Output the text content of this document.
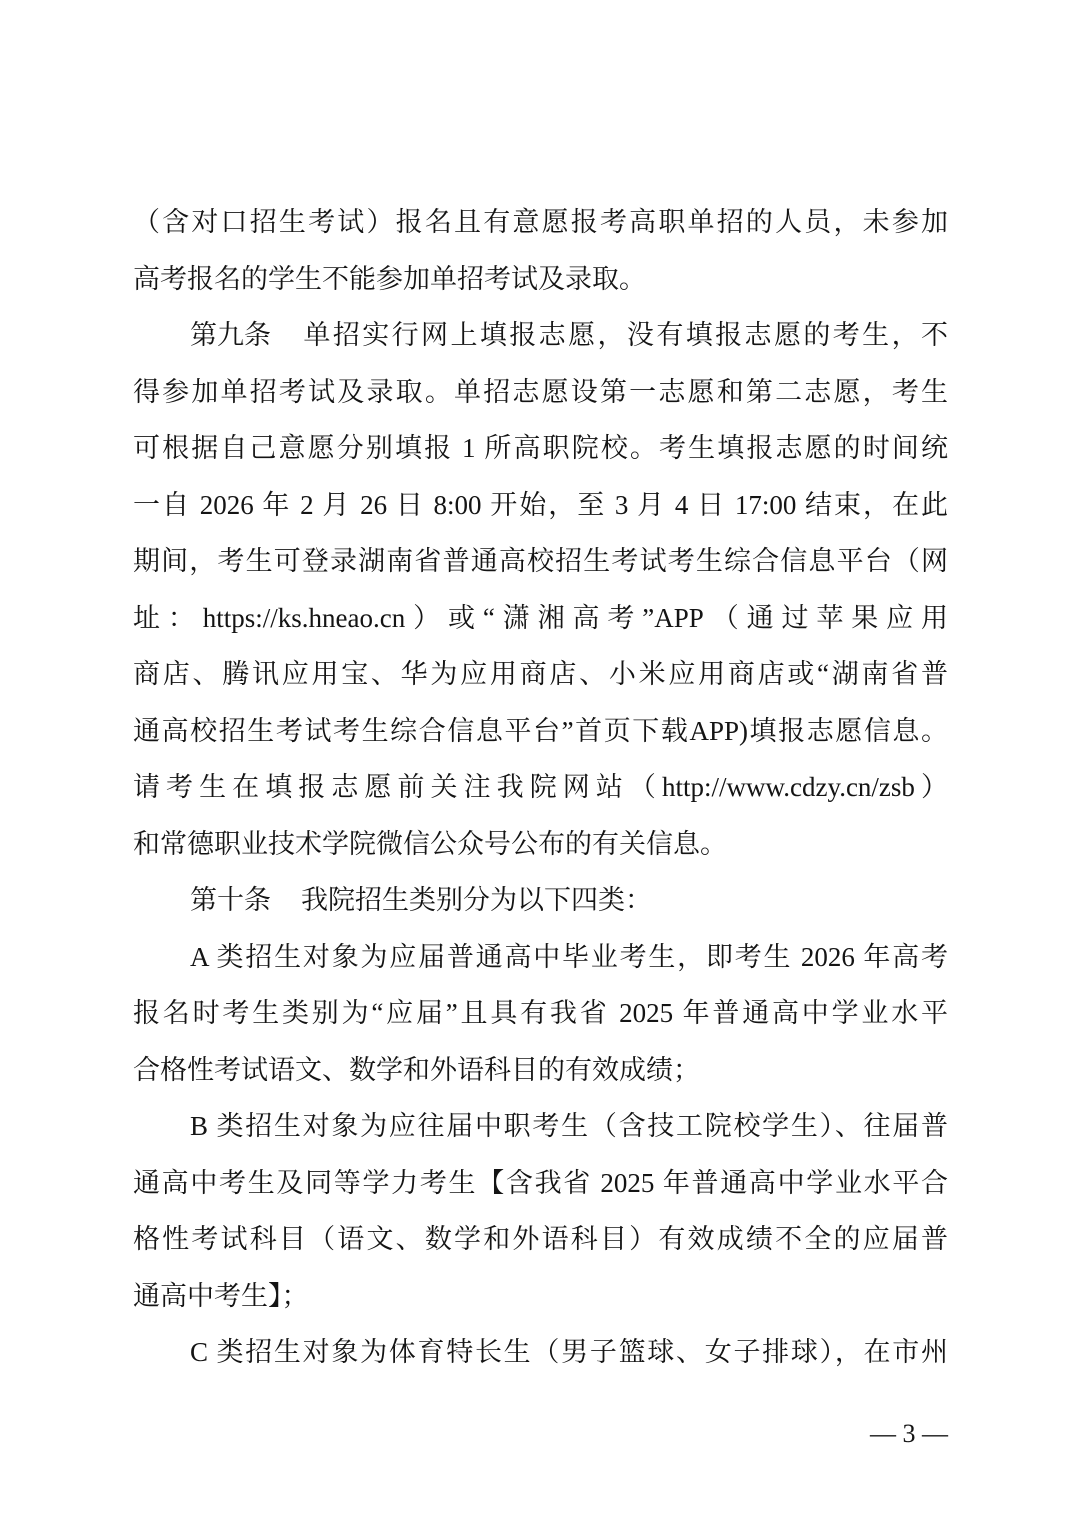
（含对口招生考试）报名且有意愿报考高职单招的人员，未参加
高考报名的学生不能参加单招考试及录取。
第九条 单招实行网上填报志愿，没有填报志愿的考生，不
得参加单招考试及录取。单招志愿设第一志愿和第二志愿，考生
可根据自己意愿分别填报 1 所高职院校。考生填报志愿的时间统
一自 2026 年 2 月 26 日 8:00 开始，至 3 月 4 日 17:00 结束，在此
期间，考生可登录湖南省普通高校招生考试考生综合信息平台（网
址：https://ks.hneao.cn）或“潇湘高考”APP（通过苹果应用
商店、腾讯应用宝、华为应用商店、小米应用商店或“湖南省普
通高校招生考试考生综合信息平台”首页下载APP)填报志愿信息。
请考生在填报志愿前关注我院网站（http://www.cdzy.cn/zsb）
和常德职业技术学院微信公众号公布的有关信息。
第十条 我院招生类别分为以下四类：
A 类招生对象为应届普通高中毕业考生，即考生 2026 年高考
报名时考生类别为“应届”且具有我省 2025 年普通高中学业水平
合格性考试语文、数学和外语科目的有效成绩；
B 类招生对象为应往届中职考生（含技工院校学生）、往届普
通高中考生及同等学力考生【含我省 2025 年普通高中学业水平合
格性考试科目（语文、数学和外语科目）有效成绩不全的应届普
通高中考生】；
C 类招生对象为体育特长生（男子篮球、女子排球），在市州
— 3 —
